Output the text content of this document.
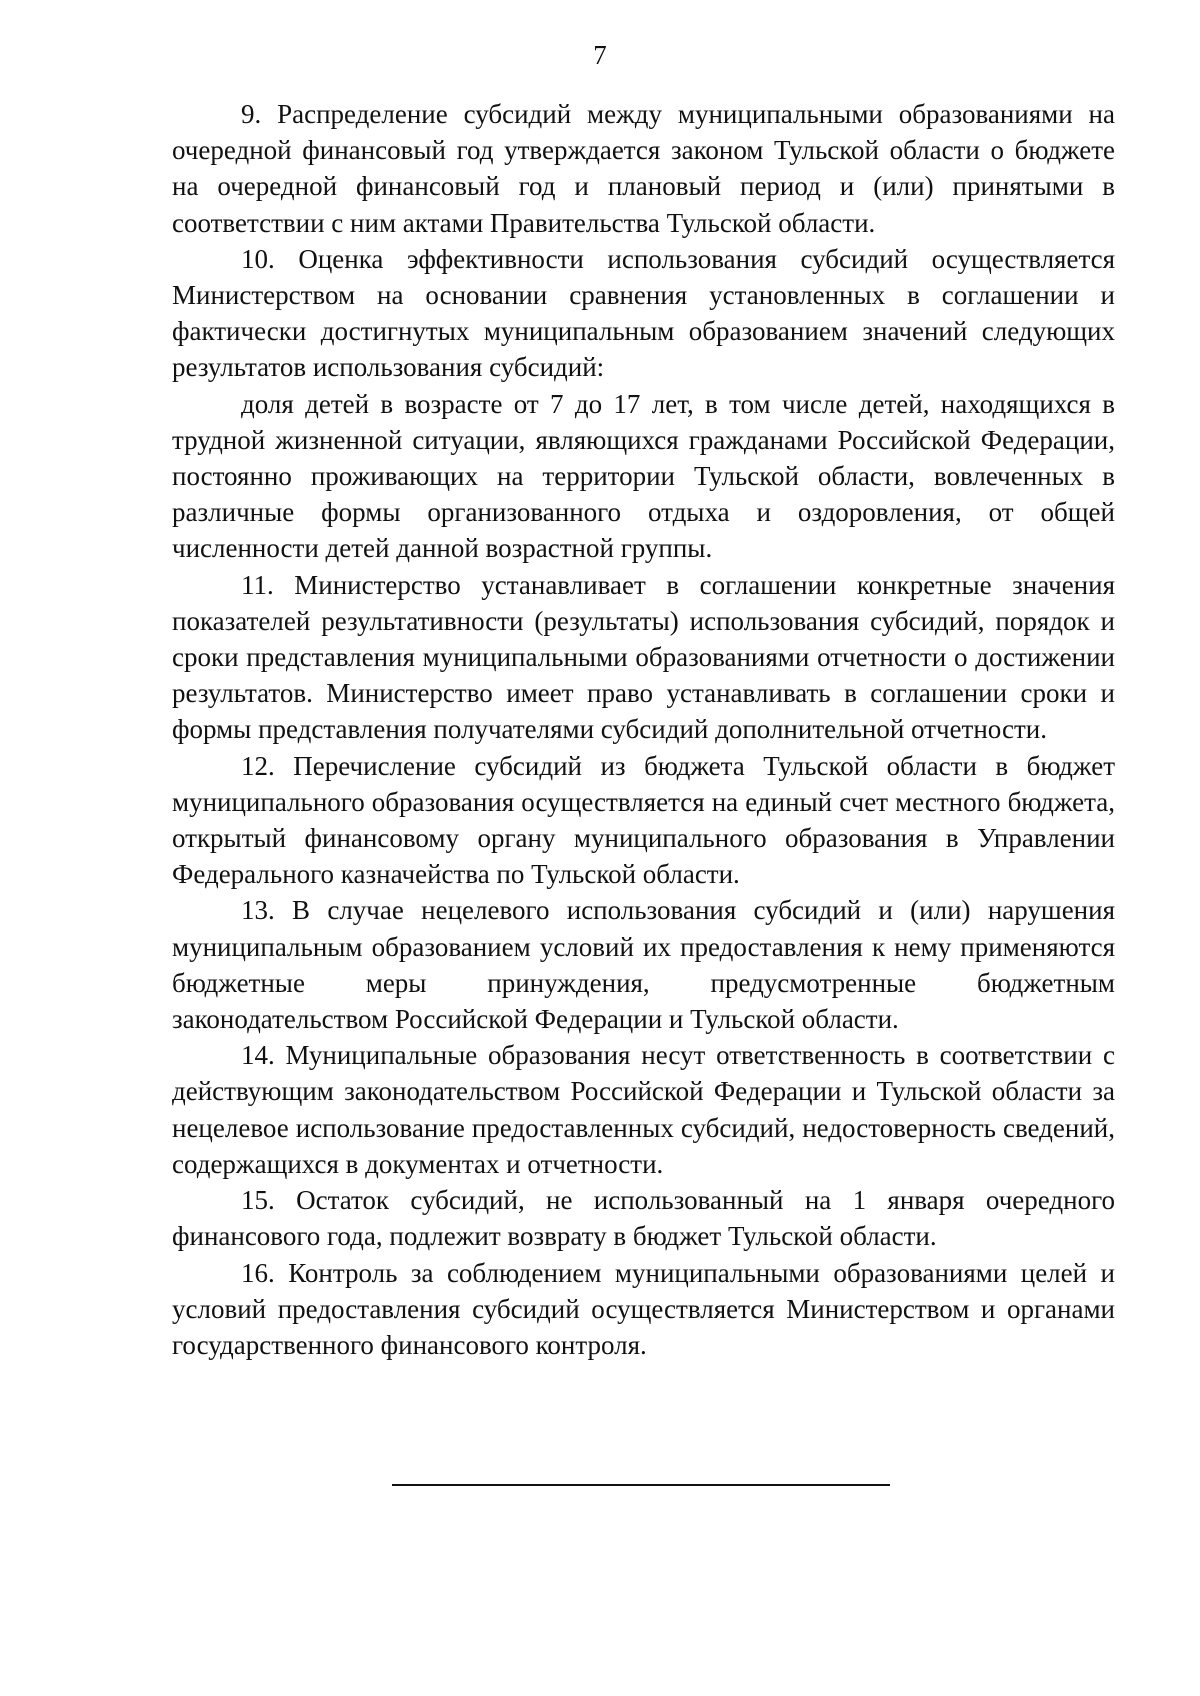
7

9. Распределение субсидий между муниципальными образованиями на очередной финансовый год утверждается законом Тульской области о бюджете на очередной финансовый год и плановый период и (или) принятыми в соответствии с ним актами Правительства Тульской области.

10. Оценка эффективности использования субсидий осуществляется Министерством на основании сравнения установленных в соглашении и фактически достигнутых муниципальным образованием значений следующих результатов использования субсидий:

доля детей в возрасте от 7 до 17 лет, в том числе детей, находящихся в трудной жизненной ситуации, являющихся гражданами Российской Федерации, постоянно проживающих на территории Тульской области, вовлеченных в различные формы организованного отдыха и оздоровления, от общей численности детей данной возрастной группы.

11. Министерство устанавливает в соглашении конкретные значения показателей результативности (результаты) использования субсидий, порядок и сроки представления муниципальными образованиями отчетности о достижении результатов. Министерство имеет право устанавливать в соглашении сроки и формы представления получателями субсидий дополнительной отчетности.

12. Перечисление субсидий из бюджета Тульской области в бюджет муниципального образования осуществляется на единый счет местного бюджета, открытый финансовому органу муниципального образования в Управлении Федерального казначейства по Тульской области.

13. В случае нецелевого использования субсидий и (или) нарушения муниципальным образованием условий их предоставления к нему применяются бюджетные меры принуждения, предусмотренные бюджетным законодательством Российской Федерации и Тульской области.

14. Муниципальные образования несут ответственность в соответствии с действующим законодательством Российской Федерации и Тульской области за нецелевое использование предоставленных субсидий, недостоверность сведений, содержащихся в документах и отчетности.

15. Остаток субсидий, не использованный на 1 января очередного финансового года, подлежит возврату в бюджет Тульской области.

16. Контроль за соблюдением муниципальными образованиями целей и условий предоставления субсидий осуществляется Министерством и органами государственного финансового контроля.
